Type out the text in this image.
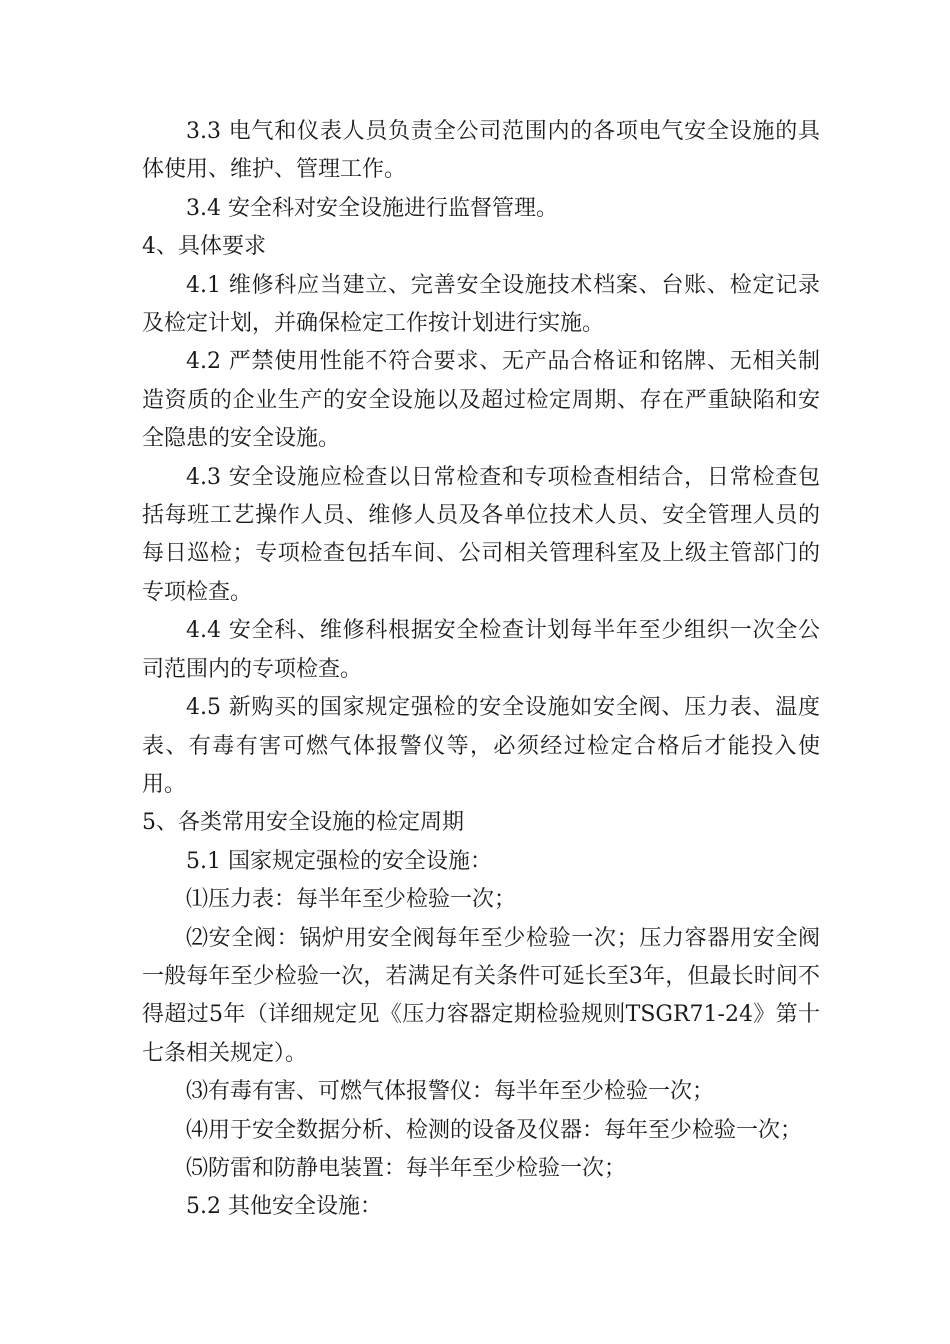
3.3 电气和仪表人员负责全公司范围内的各项电气安全设施的具体使用、维护、管理工作。

3.4 安全科对安全设施进行监督管理。

4、具体要求

4.1 维修科应当建立、完善安全设施技术档案、台账、检定记录及检定计划，并确保检定工作按计划进行实施。

4.2 严禁使用性能不符合要求、无产品合格证和铭牌、无相关制造资质的企业生产的安全设施以及超过检定周期、存在严重缺陷和安全隐患的安全设施。

4.3 安全设施应检查以日常检查和专项检查相结合，日常检查包括每班工艺操作人员、维修人员及各单位技术人员、安全管理人员的每日巡检；专项检查包括车间、公司相关管理科室及上级主管部门的专项检查。

4.4 安全科、维修科根据安全检查计划每半年至少组织一次全公司范围内的专项检查。

4.5 新购买的国家规定强检的安全设施如安全阀、压力表、温度表、有毒有害可燃气体报警仪等，必须经过检定合格后才能投入使用。

5、各类常用安全设施的检定周期

5.1 国家规定强检的安全设施：

⑴压力表：每半年至少检验一次；

⑵安全阀：锅炉用安全阀每年至少检验一次；压力容器用安全阀一般每年至少检验一次，若满足有关条件可延长至3年，但最长时间不得超过5年（详细规定见《压力容器定期检验规则TSGR71-24》第十七条相关规定）。

⑶有毒有害、可燃气体报警仪：每半年至少检验一次；

⑷用于安全数据分析、检测的设备及仪器：每年至少检验一次；

⑸防雷和防静电装置：每半年至少检验一次；

5.2 其他安全设施：
